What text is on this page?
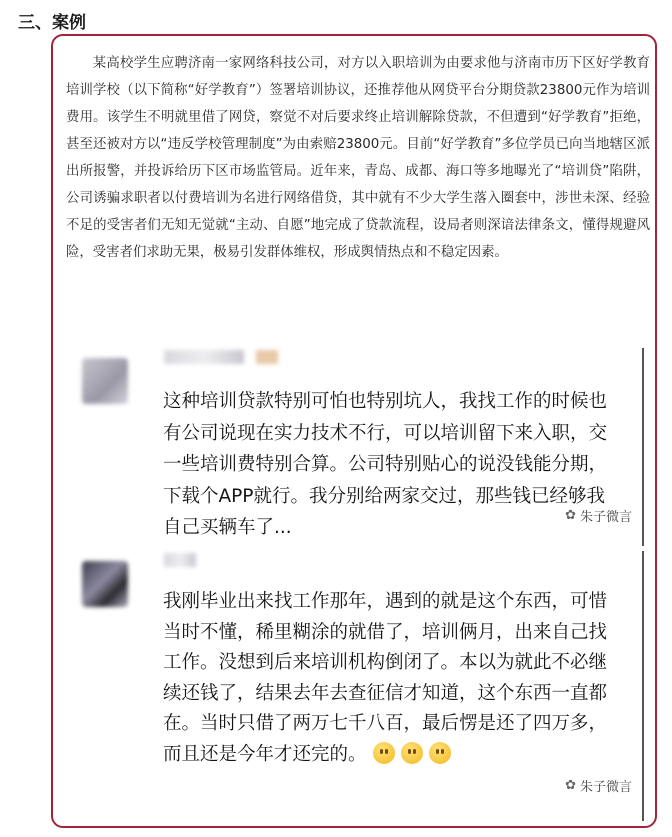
三、案例

某高校学生应聘济南一家网络科技公司，对方以入职培训为由要求他与济南市历下区好学教育培训学校（以下简称“好学教育”）签署培训协议，还推荐他从网贷平台分期贷款23800元作为培训费用。该学生不明就里借了网贷，察觉不对后要求终止培训解除贷款，不但遭到“好学教育”拒绝，甚至还被对方以“违反学校管理制度”为由索赔23800元。目前“好学教育”多位学员已向当地辖区派出所报警，并投诉给历下区市场监管局。近年来，青岛、成都、海口等多地曝光了“培训贷”陷阱，公司诱骗求职者以付费培训为名进行网络借贷，其中就有不少大学生落入圈套中，涉世未深、经验不足的受害者们无知无觉就“主动、自愿”地完成了贷款流程，设局者则深谙法律条文，懂得规避风险，受害者们求助无果，极易引发群体维权，形成舆情热点和不稳定因素。

这种培训贷款特别可怕也特别坑人，我找工作的时候也有公司说现在实力技术不行，可以培训留下来入职，交一些培训费特别合算。公司特别贴心的说没钱能分期，下载个APP就行。我分别给两家交过，那些钱已经够我自己买辆车了...

✿ 朱子微言

我刚毕业出来找工作那年，遇到的就是这个东西，可惜当时不懂，稀里糊涂的就借了，培训俩月，出来自己找工作。没想到后来培训机构倒闭了。本以为就此不必继续还钱了，结果去年去查征信才知道，这个东西一直都在。当时只借了两万七千八百，最后愣是还了四万多，而且还是今年才还完的。

✿ 朱子微言
